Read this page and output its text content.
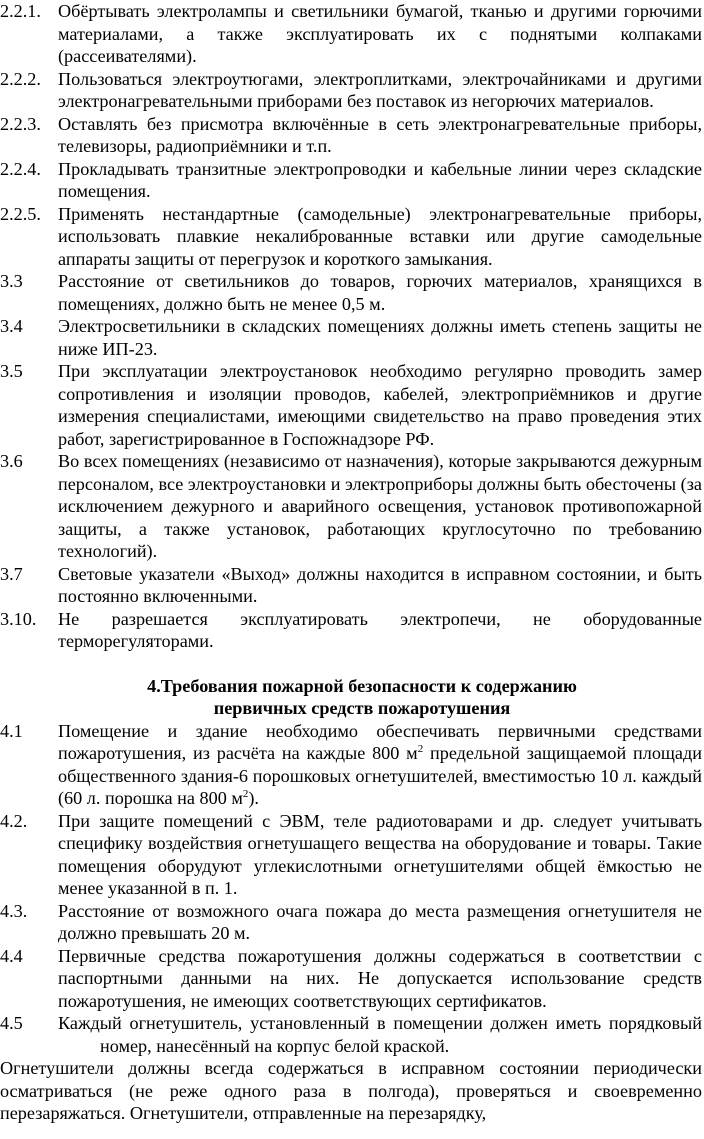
2.2.1. Обёртывать электролампы и светильники бумагой, тканью и другими горючими материалами, а также эксплуатировать их с поднятыми колпаками (рассеивателями).
2.2.2. Пользоваться электроутюгами, электроплитками, электрочайниками и другими электронагревательными приборами без поставок из негорючих материалов.
2.2.3. Оставлять без присмотра включённые в сеть электронагревательные приборы, телевизоры, радиоприёмники и т.п.
2.2.4. Прокладывать транзитные электропроводки и кабельные линии через складские помещения.
2.2.5. Применять нестандартные (самодельные) электронагревательные приборы, использовать плавкие некалиброванные вставки или другие самодельные аппараты защиты от перегрузок и короткого замыкания.
3.3 Расстояние от светильников до товаров, горючих материалов, хранящихся в помещениях, должно быть не менее 0,5 м.
3.4 Электросветильники в складских помещениях должны иметь степень защиты не ниже ИП-23.
3.5 При эксплуатации электроустановок необходимо регулярно проводить замер сопротивления и изоляции проводов, кабелей, электроприёмников и другие измерения специалистами, имеющими свидетельство на право проведения этих работ, зарегистрированное в Госпожнадзоре РФ.
3.6 Во всех помещениях (независимо от назначения), которые закрываются дежурным персоналом, все электроустановки и электроприборы должны быть обесточены (за исключением дежурного и аварийного освещения, установок противопожарной защиты, а также установок, работающих круглосуточно по требованию технологий).
3.7 Световые указатели «Выход» должны находится в исправном состоянии, и быть постоянно включенными.
3.10. Не разрешается эксплуатировать электропечи, не оборудованные терморегуляторами.
4.Требования пожарной безопасности к содержанию
первичных средств пожаротушения
4.1 Помещение и здание необходимо обеспечивать первичными средствами пожаротушения, из расчёта на каждые 800 $м^2$ предельной защищаемой площади общественного здания-6 порошковых огнетушителей, вместимостью 10 л. каждый (60 л. порошка на 800 $м^2$).
4.2. При защите помещений с ЭВМ, теле радиотоварами и др. следует учитывать специфику воздействия огнетушащего вещества на оборудование и товары. Такие помещения оборудуют углекислотными огнетушителями общей ёмкостью не менее указанной в п. 1.
4.3. Расстояние от возможного очага пожара до места размещения огнетушителя не должно превышать 20 м.
4.4 Первичные средства пожаротушения должны содержаться в соответствии с паспортными данными на них. Не допускается использование средств пожаротушения, не имеющих соответствующих сертификатов.
4.5 Каждый огнетушитель, установленный в помещении должен иметь порядковыйномер, нанесённый на корпус белой краской.
Огнетушители должны всегда содержаться в исправном состоянии периодически осматриваться (не реже одного раза в полгода), проверяться и своевременно перезаряжаться. Огнетушители, отправленные на перезарядку,
